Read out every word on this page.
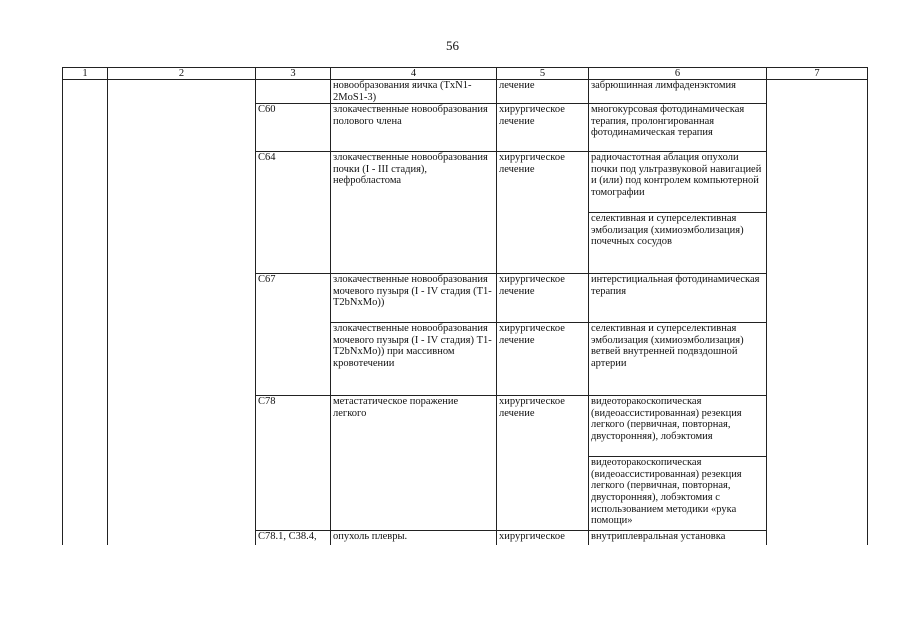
56
1	2	3	4	5	6	7
			новообразования яичка (TxN1-2MoS1-3)	лечение	забрюшинная лимфаденэктомия	
		C60	злокачественные новообразования полового члена	хирургическое лечение	многокурсовая фотодинамическая терапия, пролонгированная фотодинамическая терапия	
		C64	злокачественные новообразования почки (I - III стадия), нефробластома	хирургическое лечение	радиочастотная аблация опухоли почки под ультразвуковой навигацией и (или) под контролем компьютерной томографии	
					селективная и суперселективная эмболизация (химиоэмболизация) почечных сосудов	
		C67	злокачественные новообразования мочевого пузыря (I - IV стадия (T1-T2bNxMo))	хирургическое лечение	интерстициальная фотодинамическая терапия	
			злокачественные новообразования мочевого пузыря (I - IV стадия) T1-T2bNxMo)) при массивном кровотечении	хирургическое лечение	селективная и суперселективная эмболизация (химиоэмболизация) ветвей внутренней подвздошной артерии	
		C78	метастатическое поражение легкого	хирургическое лечение	видеоторакоскопическая (видеоассистированная) резекция легкого (первичная, повторная, двусторонняя), лобэктомия	
					видеоторакоскопическая (видеоассистированная) резекция легкого (первичная, повторная, двусторонняя), лобэктомия с использованием методики «рука помощи»	
		C78.1, C38.4,	опухоль плевры.	хирургическое	внутриплевральная установка	
